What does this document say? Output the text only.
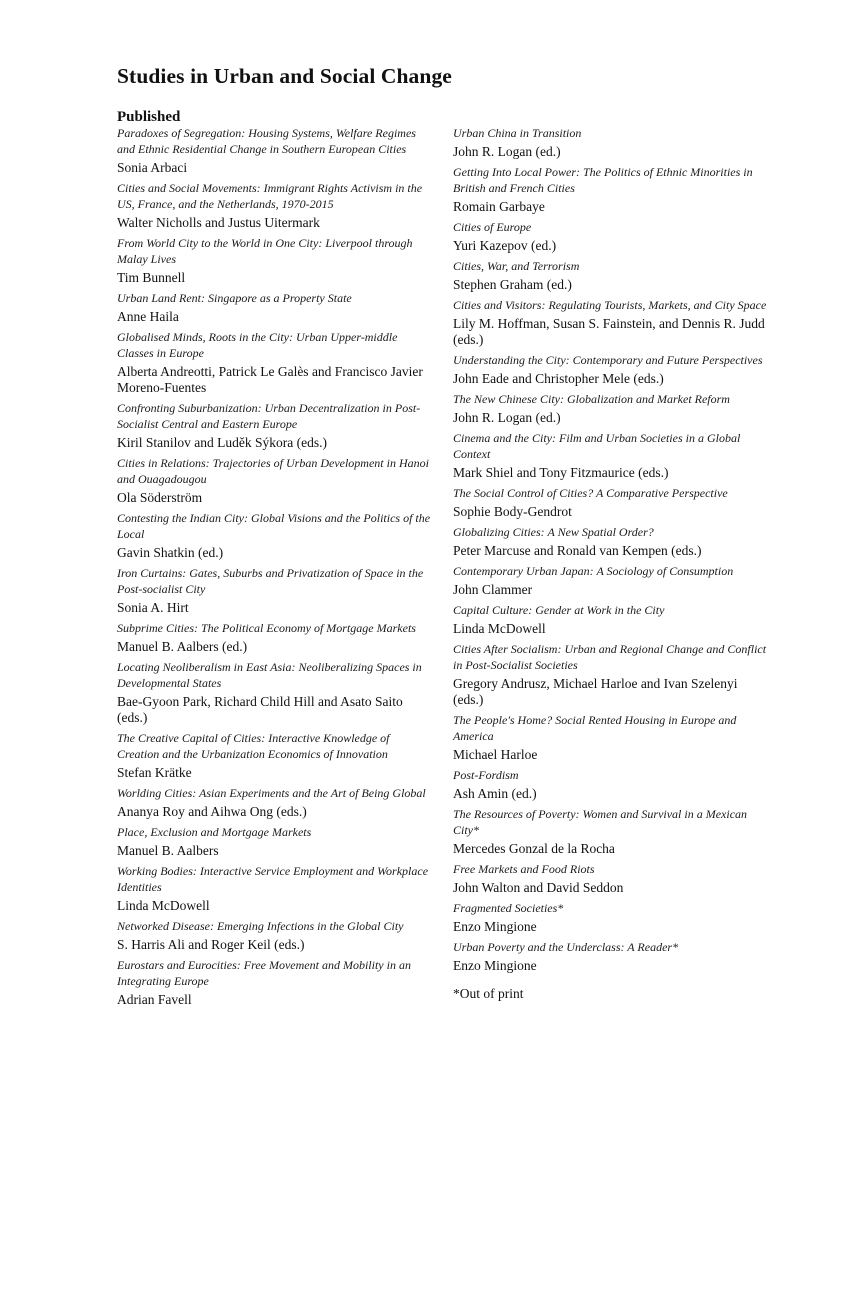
Studies in Urban and Social Change
Published
Paradoxes of Segregation: Housing Systems, Welfare Regimes and Ethnic Residential Change in Southern European Cities
Sonia Arbaci
Cities and Social Movements: Immigrant Rights Activism in the US, France, and the Netherlands, 1970-2015
Walter Nicholls and Justus Uitermark
From World City to the World in One City: Liverpool through Malay Lives
Tim Bunnell
Urban Land Rent: Singapore as a Property State
Anne Haila
Globalised Minds, Roots in the City: Urban Upper-middle Classes in Europe
Alberta Andreotti, Patrick Le Galès and Francisco Javier Moreno-Fuentes
Confronting Suburbanization: Urban Decentralization in Post-Socialist Central and Eastern Europe
Kiril Stanilov and Luděk Sýkora (eds.)
Cities in Relations: Trajectories of Urban Development in Hanoi and Ouagadougou
Ola Söderström
Contesting the Indian City: Global Visions and the Politics of the Local
Gavin Shatkin (ed.)
Iron Curtains: Gates, Suburbs and Privatization of Space in the Post-socialist City
Sonia A. Hirt
Subprime Cities: The Political Economy of Mortgage Markets
Manuel B. Aalbers (ed.)
Locating Neoliberalism in East Asia: Neoliberalizing Spaces in Developmental States
Bae-Gyoon Park, Richard Child Hill and Asato Saito (eds.)
The Creative Capital of Cities: Interactive Knowledge of Creation and the Urbanization Economics of Innovation
Stefan Krätke
Worlding Cities: Asian Experiments and the Art of Being Global
Ananya Roy and Aihwa Ong (eds.)
Place, Exclusion and Mortgage Markets
Manuel B. Aalbers
Working Bodies: Interactive Service Employment and Workplace Identities
Linda McDowell
Networked Disease: Emerging Infections in the Global City
S. Harris Ali and Roger Keil (eds.)
Eurostars and Eurocities: Free Movement and Mobility in an Integrating Europe
Adrian Favell
Urban China in Transition
John R. Logan (ed.)
Getting Into Local Power: The Politics of Ethnic Minorities in British and French Cities
Romain Garbaye
Cities of Europe
Yuri Kazepov (ed.)
Cities, War, and Terrorism
Stephen Graham (ed.)
Cities and Visitors: Regulating Tourists, Markets, and City Space
Lily M. Hoffman, Susan S. Fainstein, and Dennis R. Judd (eds.)
Understanding the City: Contemporary and Future Perspectives
John Eade and Christopher Mele (eds.)
The New Chinese City: Globalization and Market Reform
John R. Logan (ed.)
Cinema and the City: Film and Urban Societies in a Global Context
Mark Shiel and Tony Fitzmaurice (eds.)
The Social Control of Cities? A Comparative Perspective
Sophie Body-Gendrot
Globalizing Cities: A New Spatial Order?
Peter Marcuse and Ronald van Kempen (eds.)
Contemporary Urban Japan: A Sociology of Consumption
John Clammer
Capital Culture: Gender at Work in the City
Linda McDowell
Cities After Socialism: Urban and Regional Change and Conflict in Post-Socialist Societies
Gregory Andrusz, Michael Harloe and Ivan Szelenyi (eds.)
The People's Home? Social Rented Housing in Europe and America
Michael Harloe
Post-Fordism
Ash Amin (ed.)
The Resources of Poverty: Women and Survival in a Mexican City*
Mercedes Gonzal de la Rocha
Free Markets and Food Riots
John Walton and David Seddon
Fragmented Societies*
Enzo Mingione
Urban Poverty and the Underclass: A Reader*
Enzo Mingione
*Out of print
